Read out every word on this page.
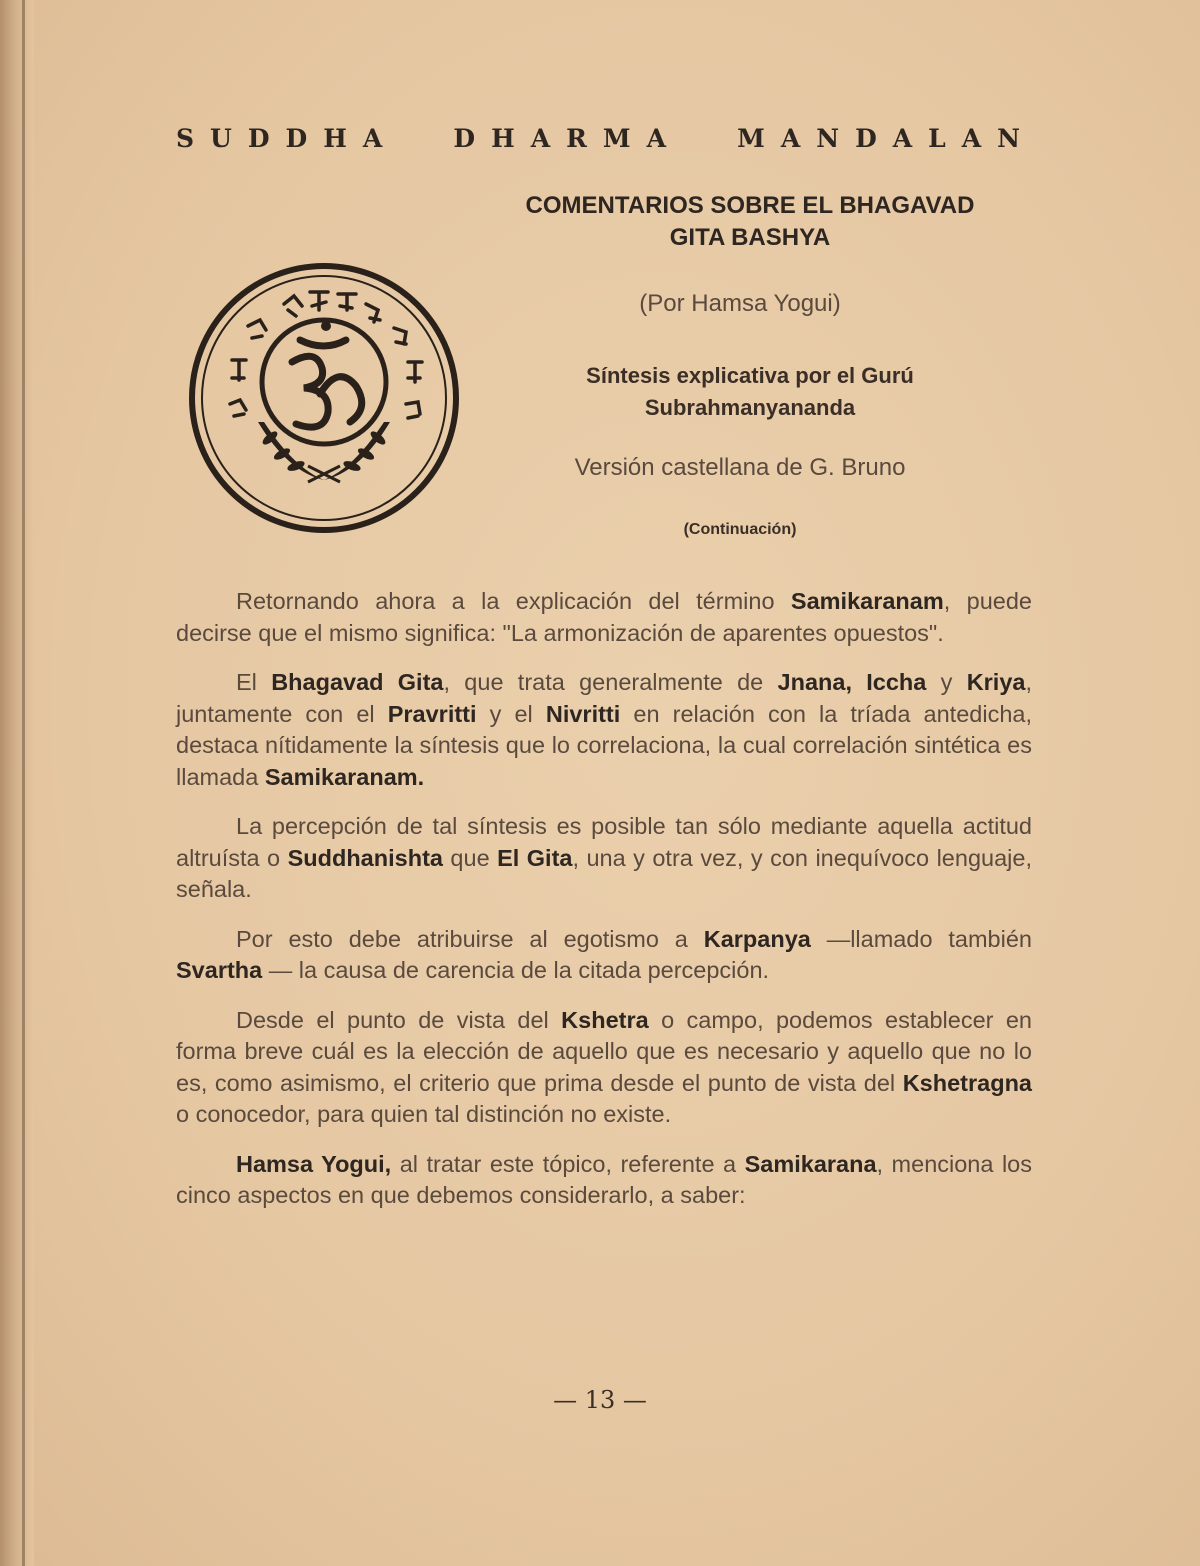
SUDDHA DHARMA MANDALAN
COMENTARIOS SOBRE EL BHAGAVAD
GITA BASHYA
(Por Hamsa Yogui)
Síntesis explicativa por el Gurú
Subrahmanyananda
Versión castellana de G. Bruno
(Continuación)

Retornando ahora a la explicación del término Samikaranam, puede decirse que el mismo significa: "La armonización de aparentes opuestos".

El Bhagavad Gita, que trata generalmente de Jnana, Iccha y Kriya, juntamente con el Pravritti y el Nivritti en relación con la tríada antedicha, destaca nítidamente la síntesis que lo correlaciona, la cual correlación sintética es llamada Samikaranam.

La percepción de tal síntesis es posible tan sólo mediante aquella actitud altruísta o Suddhanishta que El Gita, una y otra vez, y con inequívoco lenguaje, señala.

Por esto debe atribuirse al egotismo a Karpanya —llamado también Svartha — la causa de carencia de la citada percepción.

Desde el punto de vista del Kshetra o campo, podemos establecer en forma breve cuál es la elección de aquello que es necesario y aquello que no lo es, como asimismo, el criterio que prima desde el punto de vista del Kshetragna o conocedor, para quien tal distinción no existe.

Hamsa Yogui, al tratar este tópico, referente a Samikarana, menciona los cinco aspectos en que debemos considerarlo, a saber:

— 13 —
